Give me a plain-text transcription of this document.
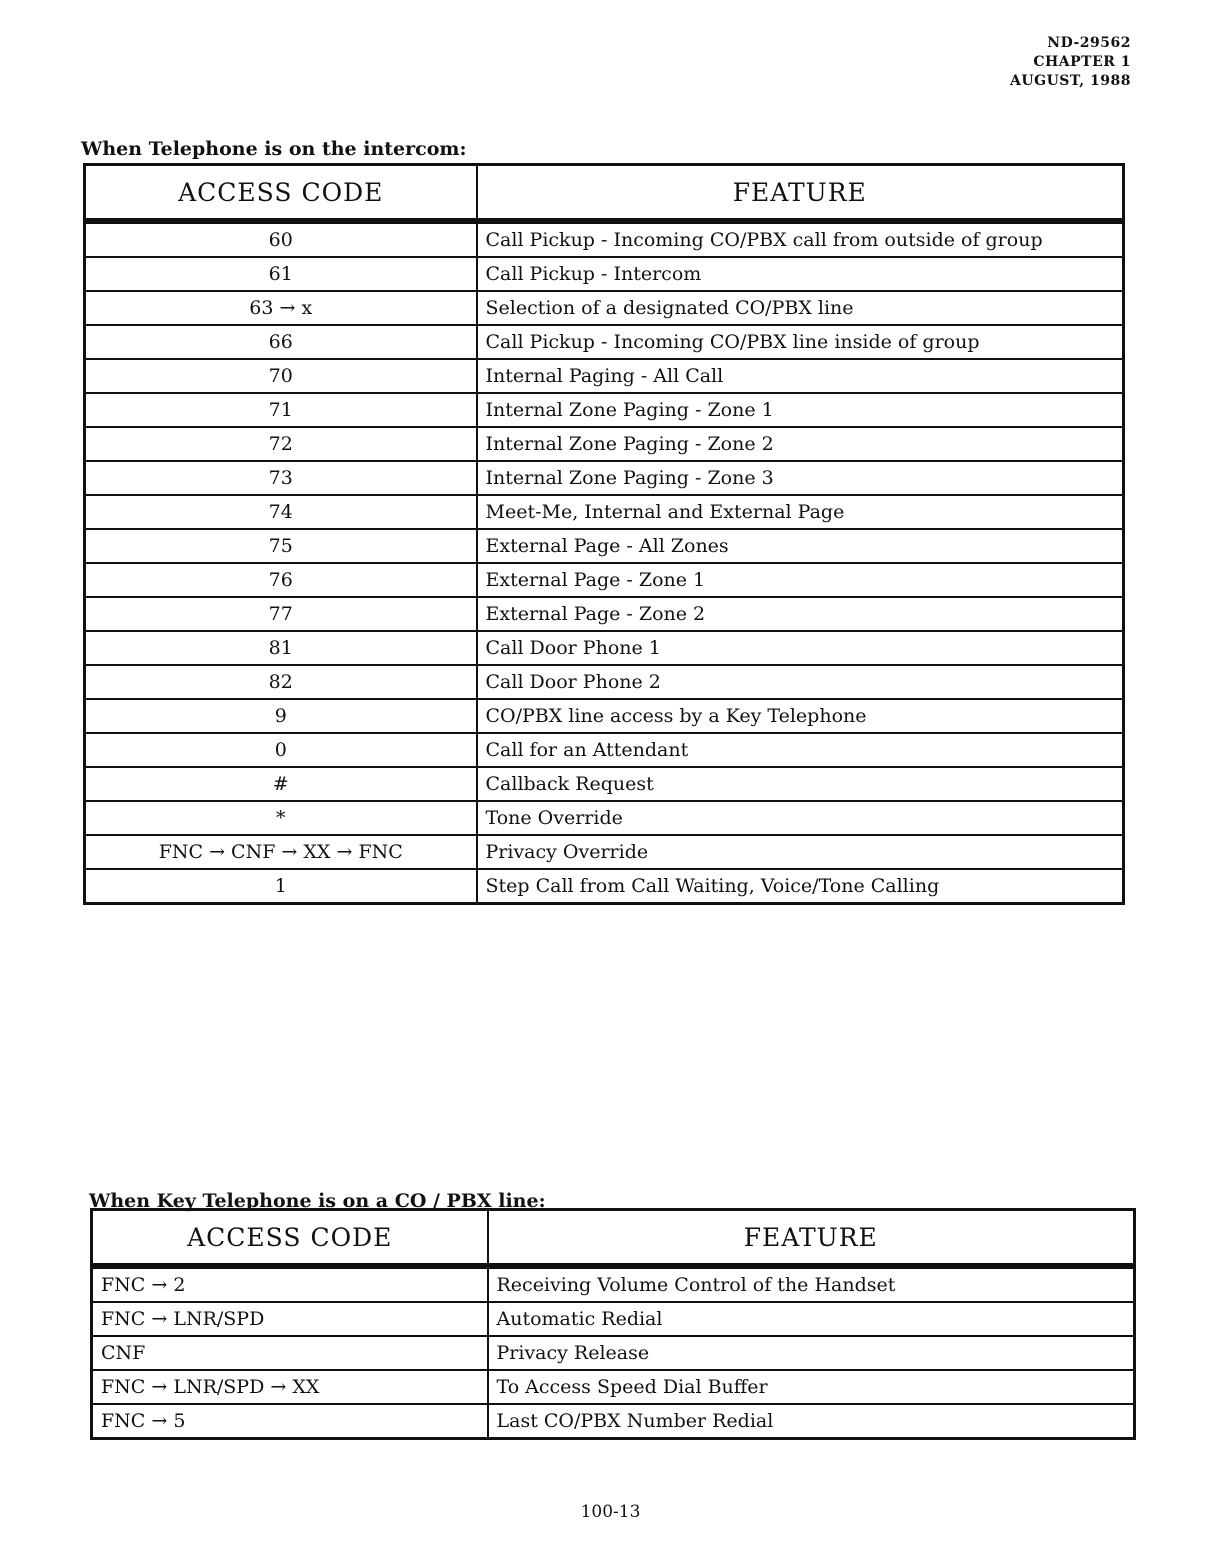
ND-29562
CHAPTER 1
AUGUST, 1988
When Telephone is on the intercom:
ACCESS CODE	FEATURE
60	Call Pickup - Incoming CO/PBX call from outside of group
61	Call Pickup - Intercom
63 → x	Selection of a designated CO/PBX line
66	Call Pickup - Incoming CO/PBX line inside of group
70	Internal Paging - All Call
71	Internal Zone Paging - Zone 1
72	Internal Zone Paging - Zone 2
73	Internal Zone Paging - Zone 3
74	Meet-Me, Internal and External Page
75	External Page - All Zones
76	External Page - Zone 1
77	External Page - Zone 2
81	Call Door Phone 1
82	Call Door Phone 2
9	CO/PBX line access by a Key Telephone
0	Call for an Attendant
#	Callback Request
*	Tone Override
FNC → CNF → XX → FNC	Privacy Override
1	Step Call from Call Waiting, Voice/Tone Calling
When Key Telephone is on a CO / PBX line:
ACCESS CODE	FEATURE
FNC → 2	Receiving Volume Control of the Handset
FNC → LNR/SPD	Automatic Redial
CNF	Privacy Release
FNC → LNR/SPD → XX	To Access Speed Dial Buffer
FNC → 5	Last CO/PBX Number Redial
100-13
